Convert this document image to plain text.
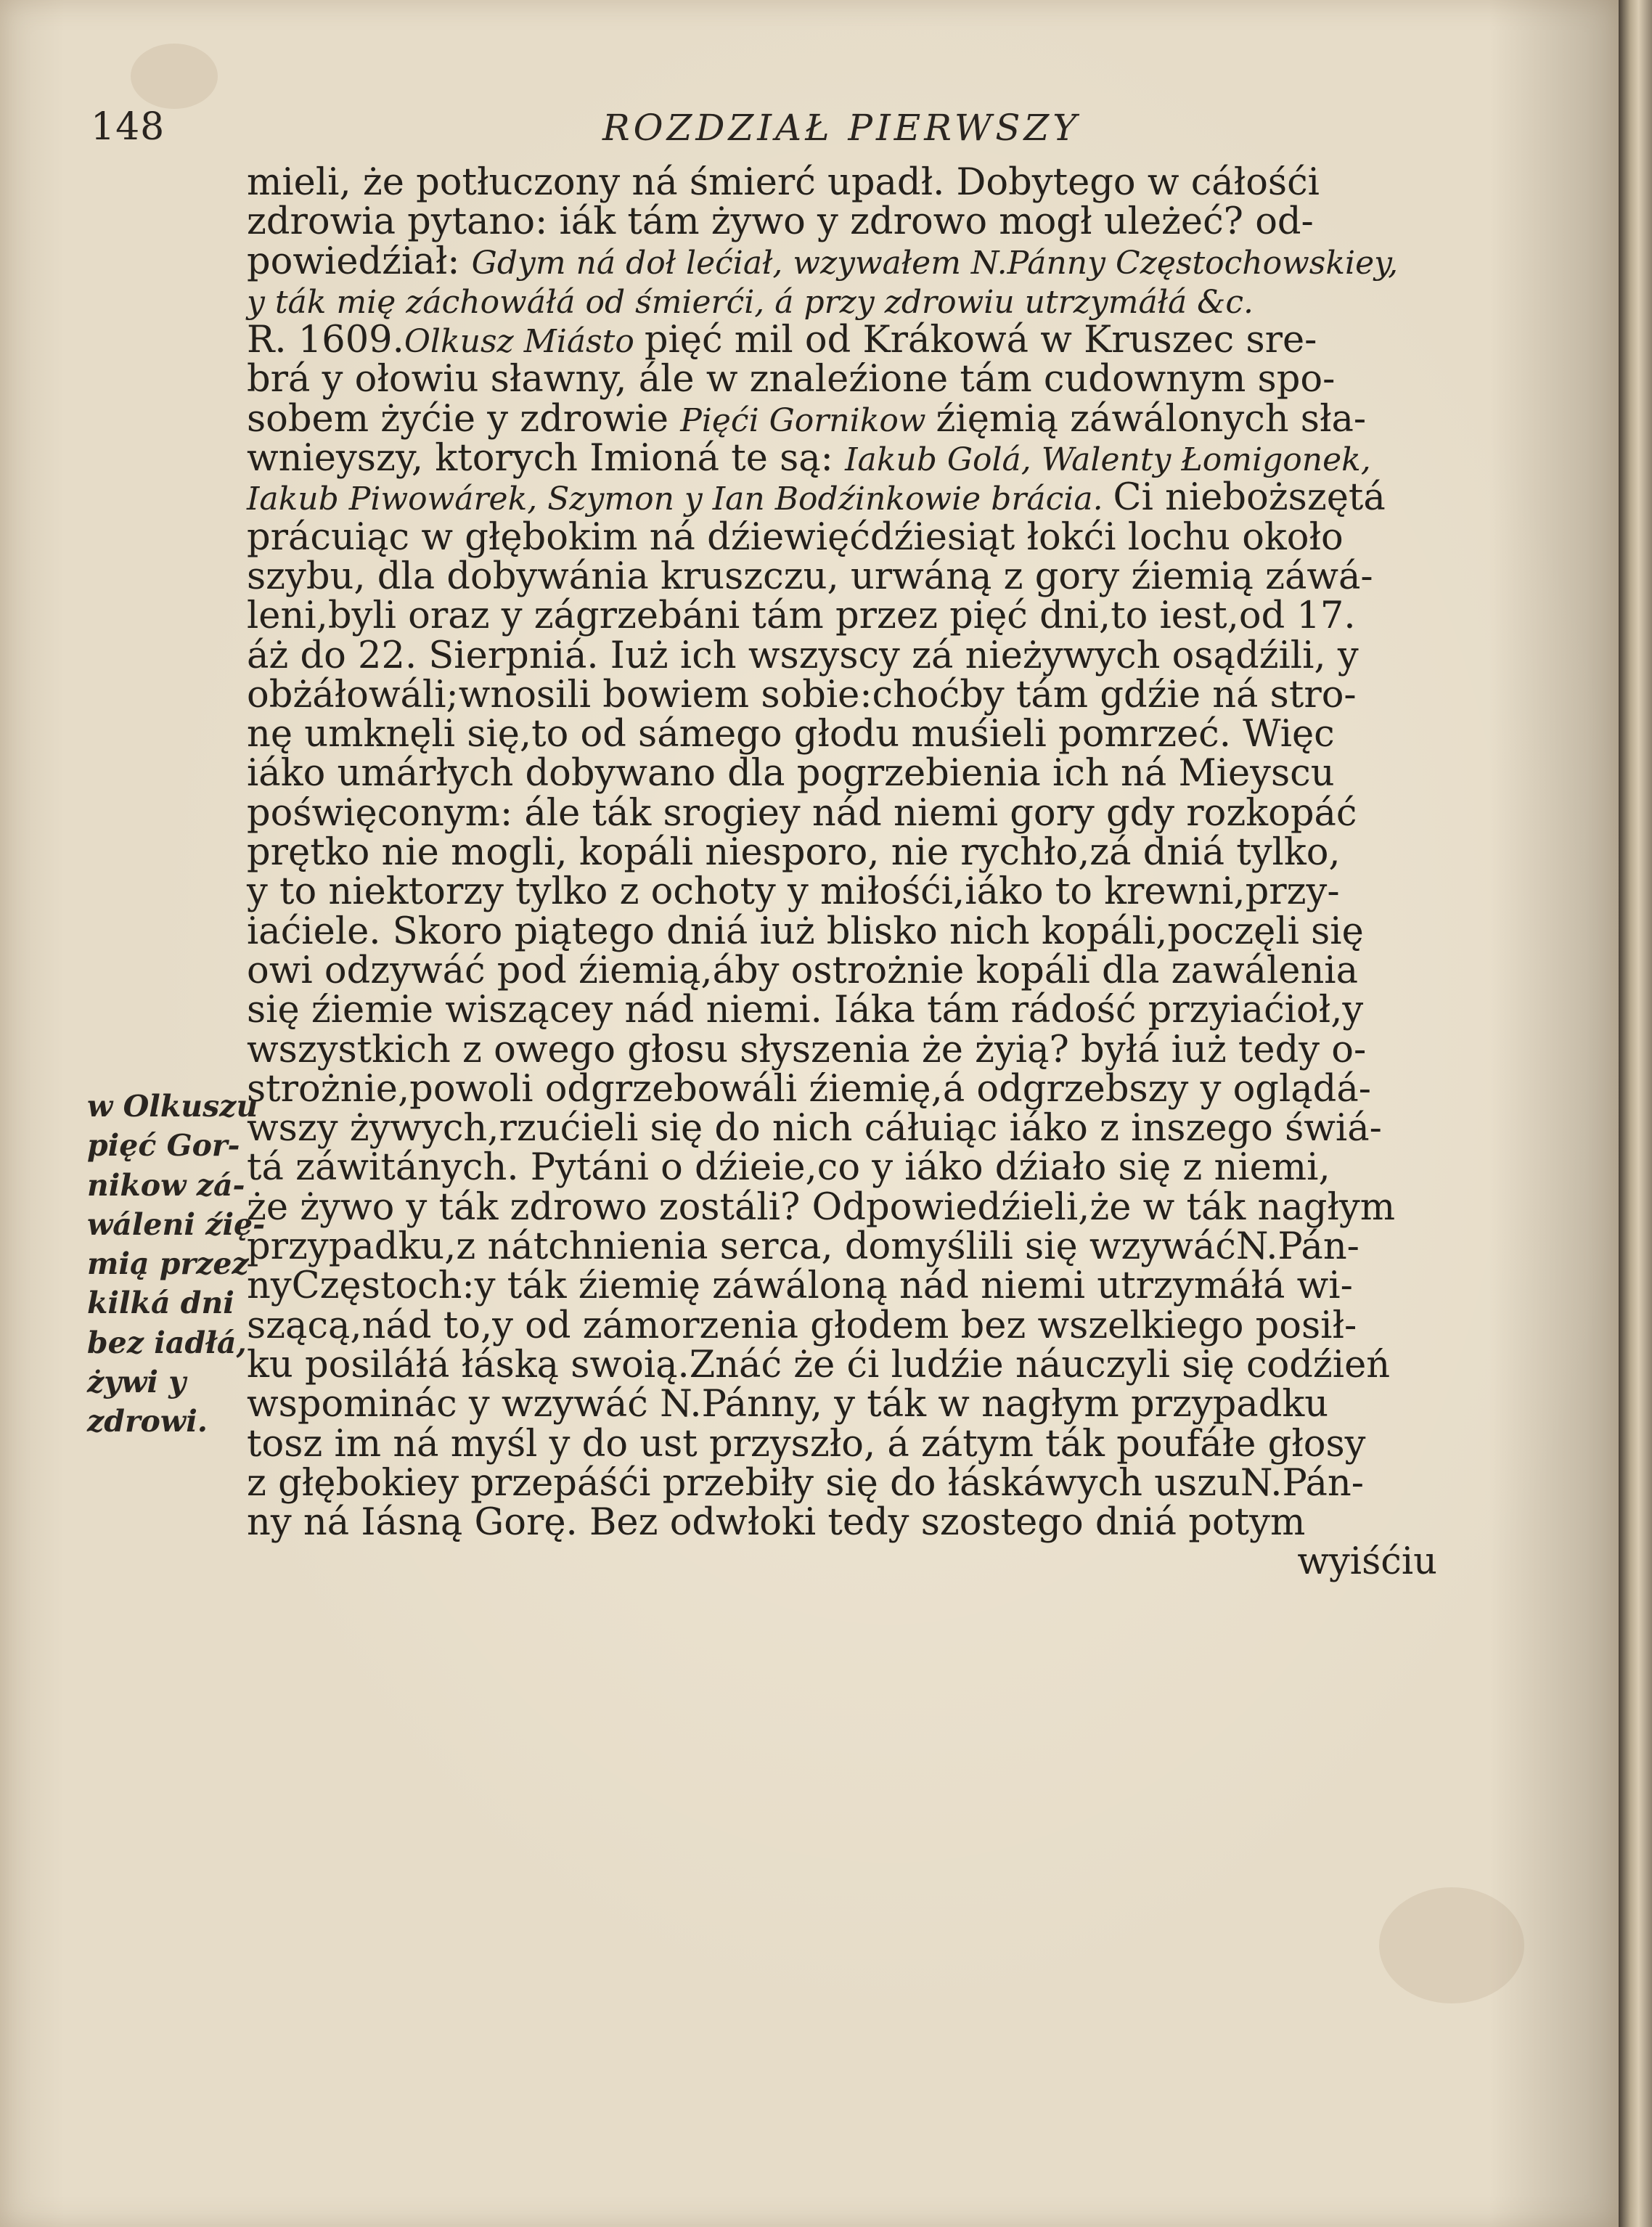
148	ROZDZIAŁ PIERWSZY
mieli, że potłuczony ná śmierć upadł. Dobytego w cáłośći
zdrowia pytano: iák tám żywo y zdrowo mogł uleżeć? od-
powiedźiał: Gdym ná doł lećiał, wzywałem N.Pánny Częstochowskiey,
y ták mię záchowáłá od śmierći, á przy zdrowiu utrzymáłá &c.
R. 1609.Olkusz Miásto pięć mil od Krákowá w Kruszec sre-
brá y ołowiu sławny, ále w znaleźione tám cudownym spo-
sobem żyćie y zdrowie Pięći Gornikow źięmią záwálonych sła-
wnieyszy, ktorych Imioná te są: Iakub Golá, Walenty Łomigonek,
Iakub Piwowárek, Szymon y Ian Bodźinkowie brácia. Ci nieboższętá
prácuiąc w głębokim ná dźiewięćdźiesiąt łokći lochu około
szybu, dla dobywánia kruszczu, urwáną z gory źiemią záwá-
leni,byli oraz y zágrzebáni tám przez pięć dni,to iest,od 17.
áż do 22. Sierpniá. Iuż ich wszyscy zá nieżywych osądźili, y
obżáłowáli;wnosili bowiem sobie:choćby tám gdźie ná stro-
nę umknęli się,to od sámego głodu muśieli pomrzeć. Więc
iáko umárłych dobywano dla pogrzebienia ich ná Mieyscu
poświęconym: ále ták srogiey nád niemi gory gdy rozkopáć
prętko nie mogli, kopáli niesporo, nie rychło,zá dniá tylko,
y to niektorzy tylko z ochoty y miłośći,iáko to krewni,przy-
iaćiele. Skoro piątego dniá iuż blisko nich kopáli,poczęli się
owi odzywáć pod źiemią,áby ostrożnie kopáli dla zawálenia
się źiemie wiszącey nád niemi. Iáka tám rádość przyiaćioł,y
wszystkich z owego głosu słyszenia że żyią? byłá iuż tedy o-
strożnie,powoli odgrzebowáli źiemię,á odgrzebszy y oglądá-
wszy żywych,rzućieli się do nich cáłuiąc iáko z inszego świá-
tá záwitánych. Pytáni o dźieie,co y iáko dźiało się z niemi,
że żywo y ták zdrowo zostáli? Odpowiedźieli,że w ták nagłym
przypadku,z nátchnienia serca, domyślili się wzywáćN.Pán-
nyCzęstoch:y ták źiemię záwáloną nád niemi utrzymáłá wi-
szącą,nád to,y od zámorzenia głodem bez wszelkiego posił-
ku posiláłá łáską swoią.Znáć że ći ludźie náuczyli się codźień
wspominác y wzywáć N.Pánny, y ták w nagłym przypadku
tosz im ná myśl y do ust przyszło, á zátym ták poufáłe głosy
z głębokiey przepáśći przebiły się do łáskáwych uszuN.Pán-
ny ná Iásną Gorę. Bez odwłoki tedy szostego dniá potym
wyiśćiu
w Olkuszu
pięć Gor-
nikow zá-
wáleni źię-
mią przez
kilká dni
bez iadłá,
żywi y
zdrowi.
